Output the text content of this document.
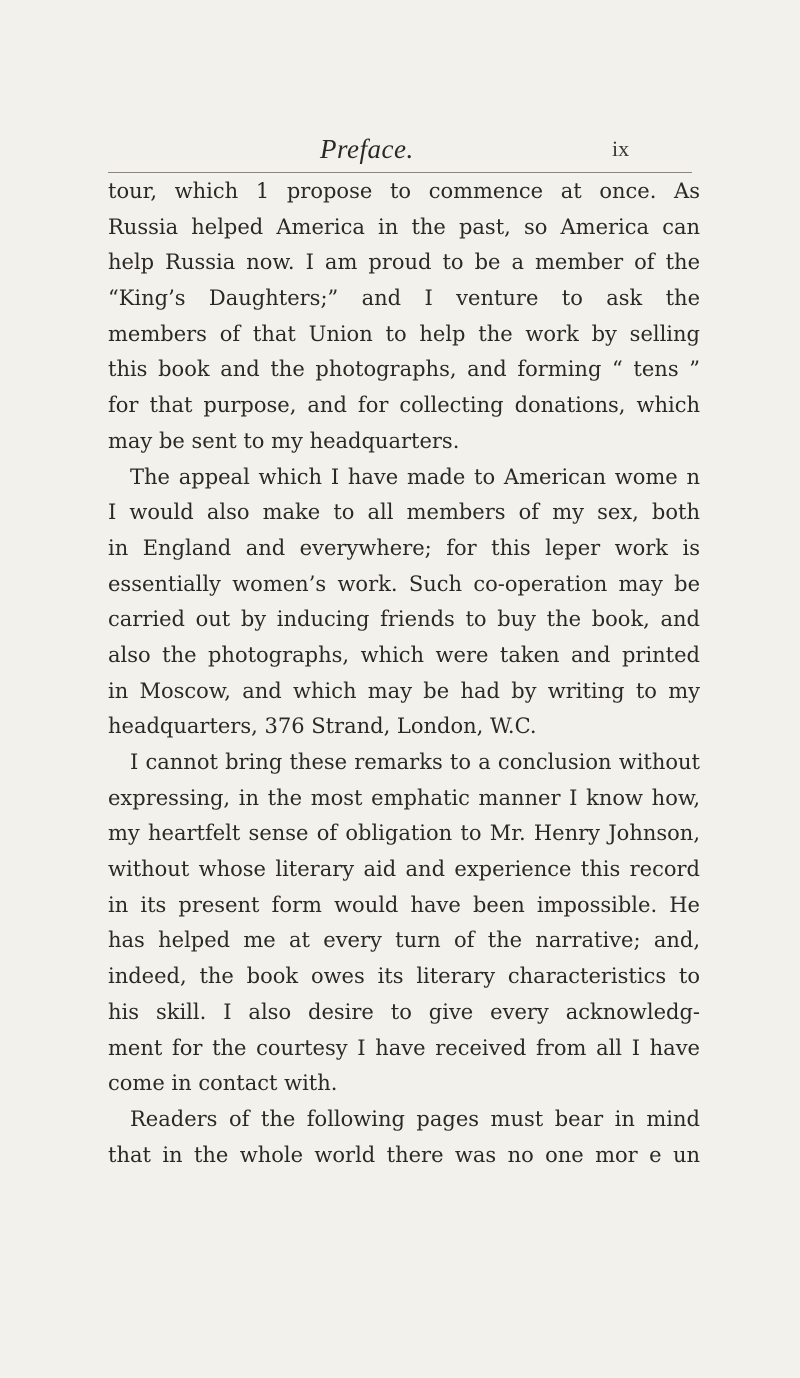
Preface.	ix
tour, which 1 propose to commence at once. As
Russia helped America in the past, so America can
help Russia now. I am proud to be a member of the
“King’s Daughters;” and I venture to ask the
members of that Union to help the work by selling
this book and the photographs, and forming “ tens ”
for that purpose, and for collecting donations, which
may be sent to my headquarters.
The appeal which I have made to American wome n
I would also make to all members of my sex, both
in England and everywhere; for this leper work is
essentially women’s work. Such co-operation may be
carried out by inducing friends to buy the book, and
also the photographs, which were taken and printed
in Moscow, and which may be had by writing to my
headquarters, 376 Strand, London, W.C.
I cannot bring these remarks to a conclusion without
expressing, in the most emphatic manner I know how,
my heartfelt sense of obligation to Mr. Henry Johnson,
without whose literary aid and experience this record
in its present form would have been impossible. He
has helped me at every turn of the narrative; and,
indeed, the book owes its literary characteristics to
his skill. I also desire to give every acknowledg-
ment for the courtesy I have received from all I have
come in contact with.
Readers of the following pages must bear in mind
that in the whole world there was no one mor e un
